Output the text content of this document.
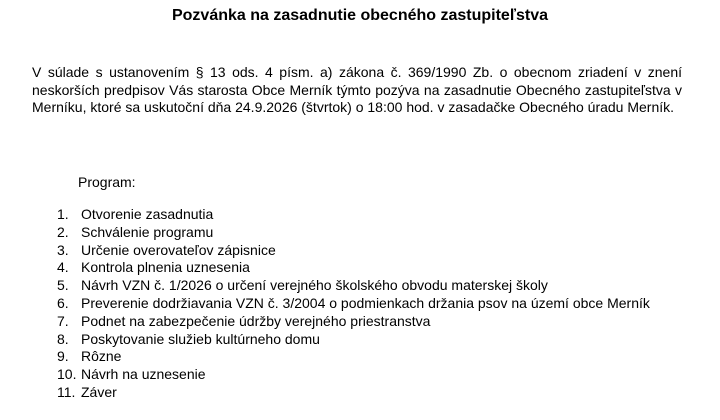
Pozvánka na zasadnutie obecného zastupiteľstva

V súlade s ustanovením § 13 ods. 4 písm. a) zákona č. 369/1990 Zb. o obecnom zriadení v znení neskorších predpisov Vás starosta Obce Merník týmto pozýva na zasadnutie Obecného zastupiteľstva v Merníku, ktoré sa uskutoční dňa 24.9.2026 (štvrtok) o 18:00 hod. v zasadačke Obecného úradu Merník.

Program:
1. Otvorenie zasadnutia
2. Schválenie programu
3. Určenie overovateľov zápisnice
4. Kontrola plnenia uznesenia
5. Návrh VZN č. 1/2026 o určení verejného školského obvodu materskej školy
6. Preverenie dodržiavania VZN č. 3/2004 o podmienkach držania psov na území obce Merník
7. Podnet na zabezpečenie údržby verejného priestranstva
8. Poskytovanie služieb kultúrneho domu
9. Rôzne
10. Návrh na uznesenie
11. Záver
